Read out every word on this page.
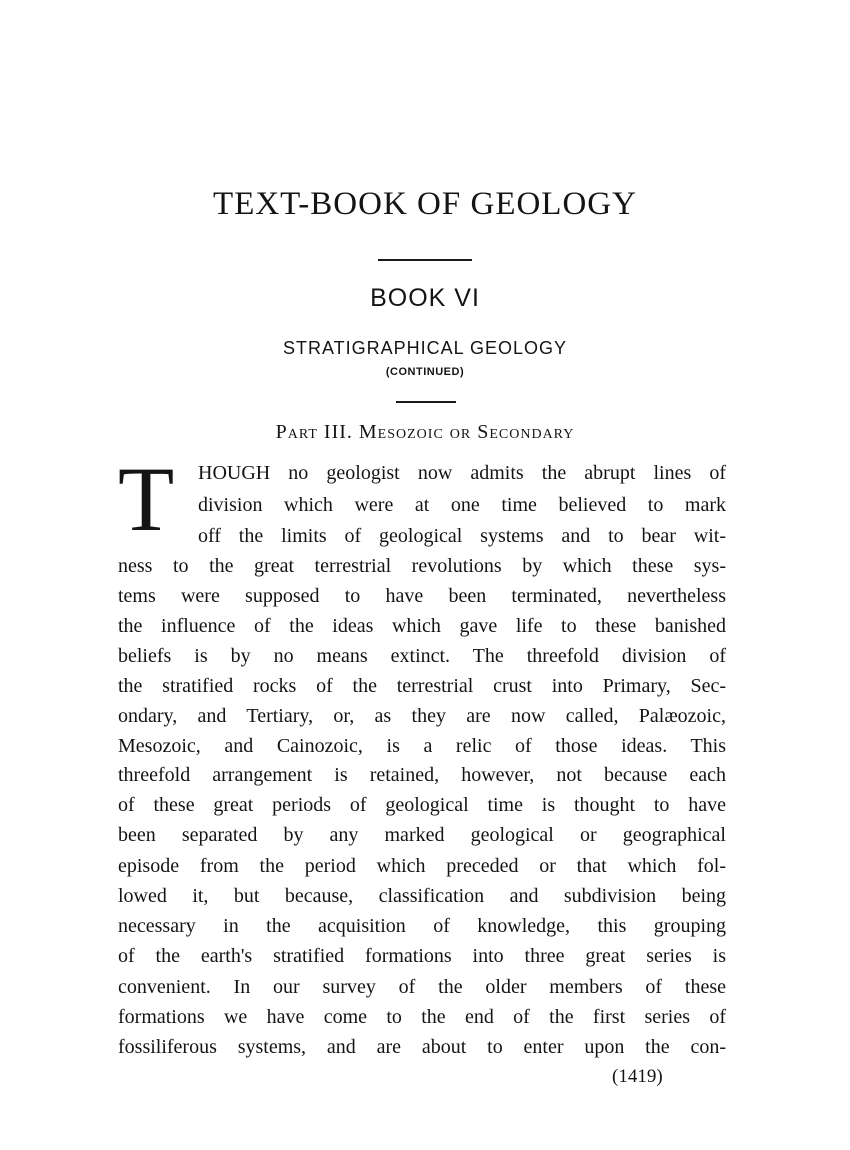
TEXT-BOOK OF GEOLOGY
BOOK VI
STRATIGRAPHICAL GEOLOGY
(CONTINUED)
Part III. Mesozoic or Secondary
T HOUGH no geologist now admits the abrupt lines of
division which were at one time believed to mark
off the limits of geological systems and to bear wit-
ness to the great terrestrial revolutions by which these sys-
tems were supposed to have been terminated, nevertheless
the influence of the ideas which gave life to these banished
beliefs is by no means extinct. The threefold division of
the stratified rocks of the terrestrial crust into Primary, Sec-
ondary, and Tertiary, or, as they are now called, Palæozoic,
Mesozoic, and Cainozoic, is a relic of those ideas. This
threefold arrangement is retained, however, not because each
of these great periods of geological time is thought to have
been separated by any marked geological or geographical
episode from the period which preceded or that which fol-
lowed it, but because, classification and subdivision being
necessary in the acquisition of knowledge, this grouping
of the earth's stratified formations into three great series is
convenient. In our survey of the older members of these
formations we have come to the end of the first series of
fossiliferous systems, and are about to enter upon the con-
(1419)
